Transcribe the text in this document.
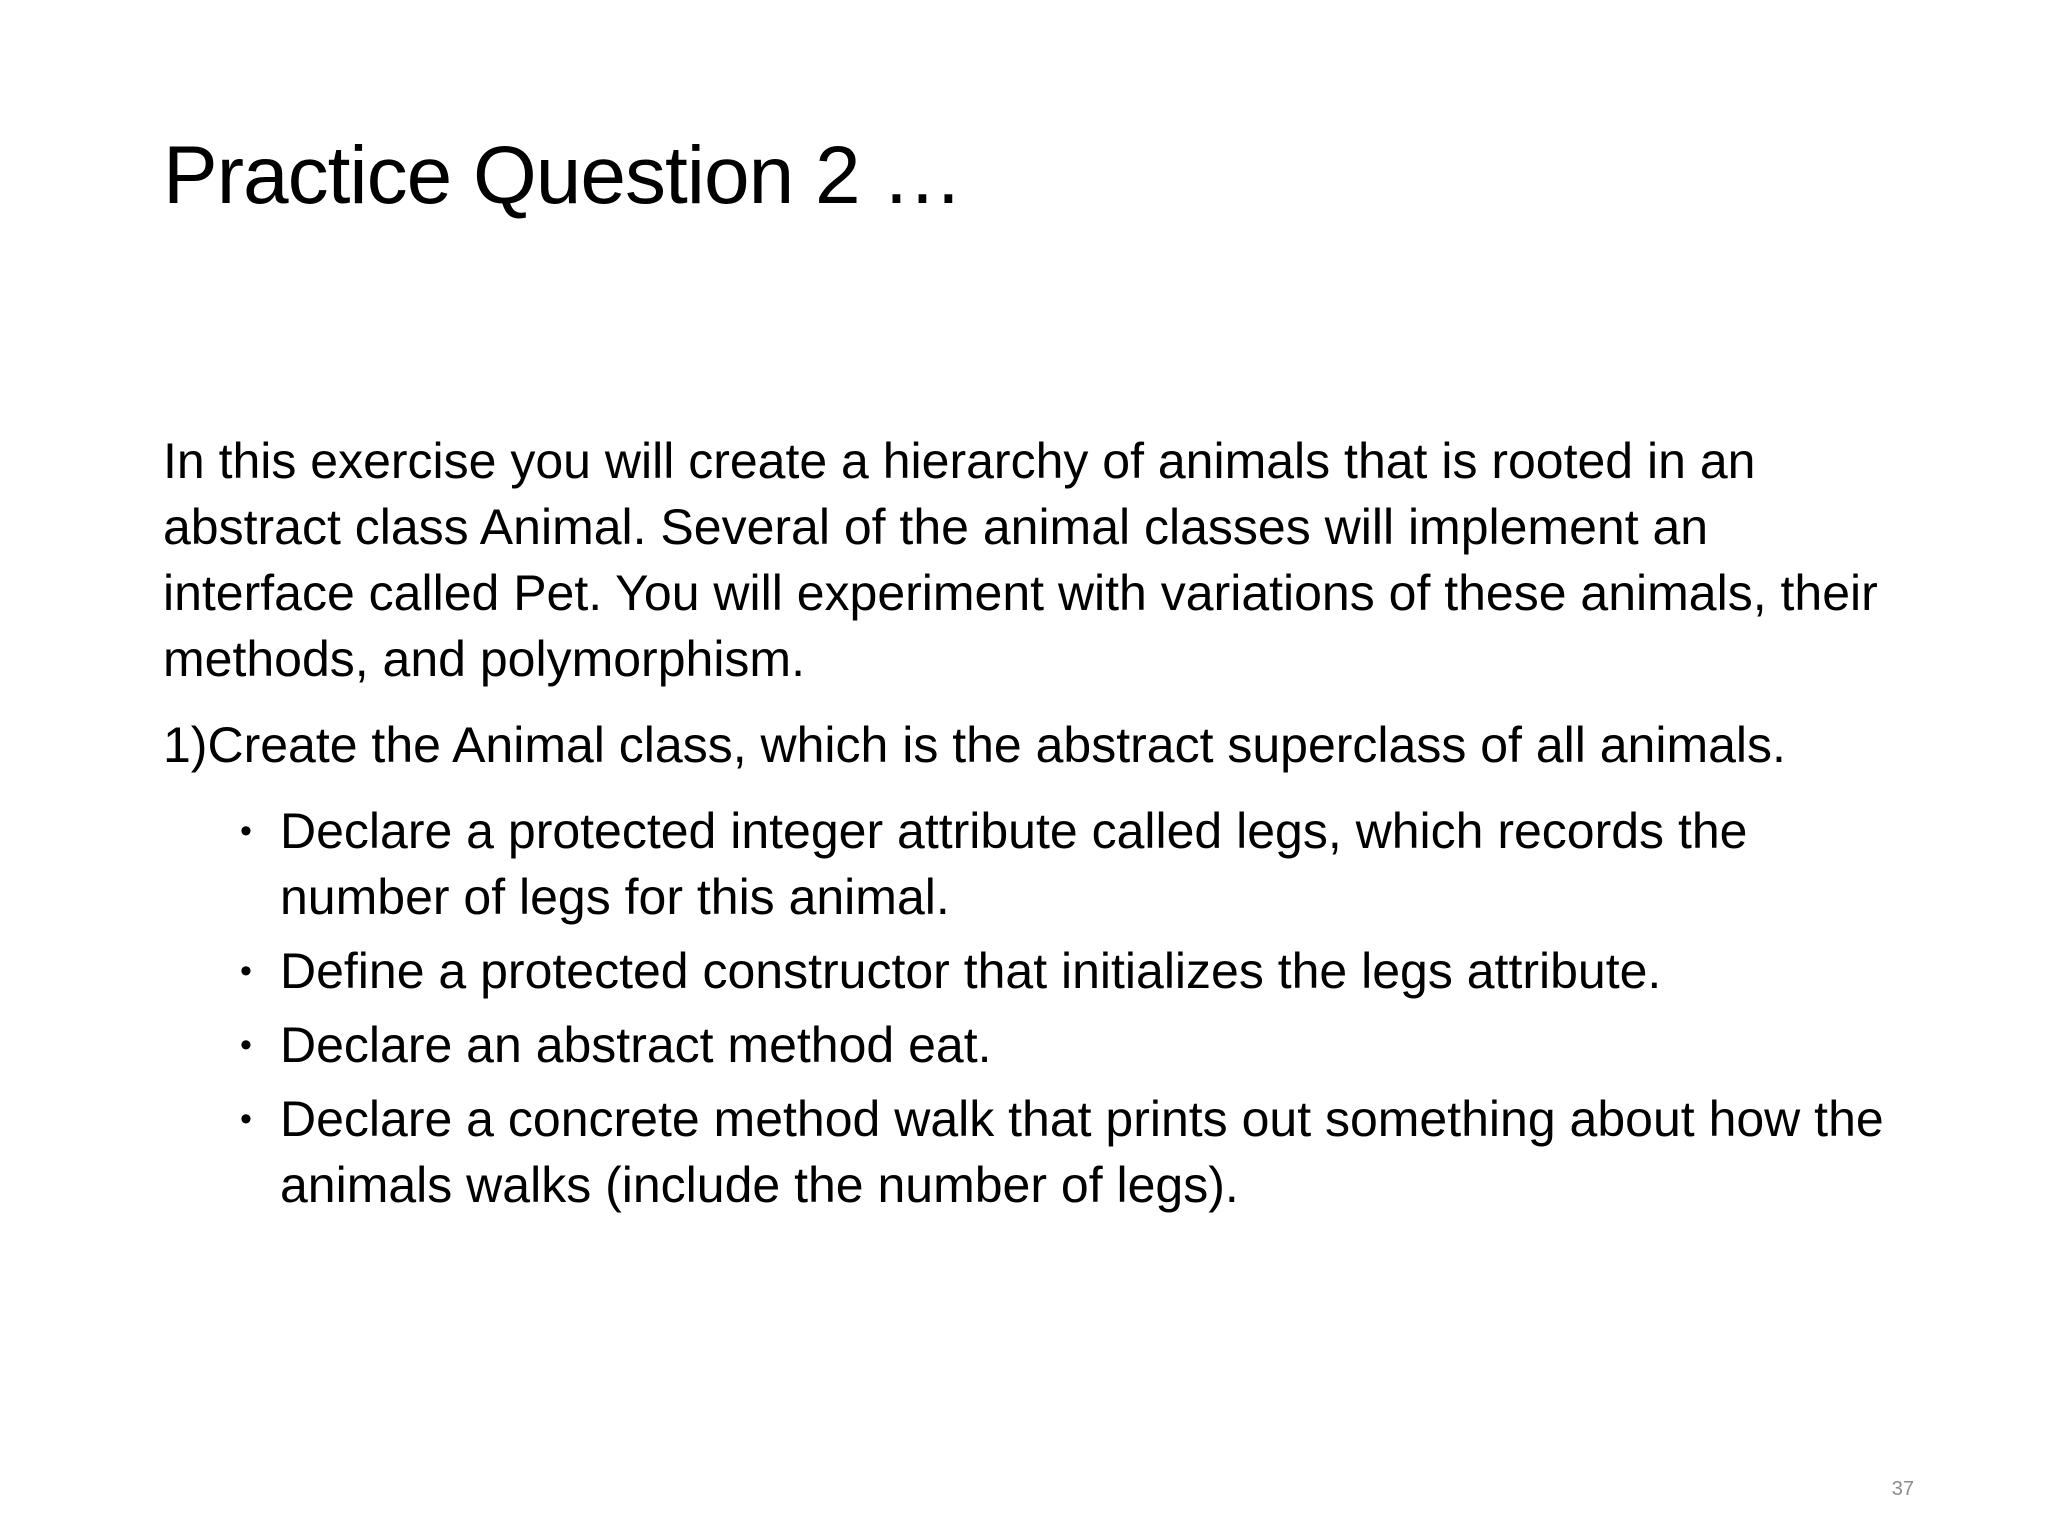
Practice Question 2 …

In this exercise you will create a hierarchy of animals that is rooted in an abstract class Animal. Several of the animal classes will implement an interface called Pet. You will experiment with variations of these animals, their methods, and polymorphism.

1)Create the Animal class, which is the abstract superclass of all animals.

• Declare a protected integer attribute called legs, which records the number of legs for this animal.
• Define a protected constructor that initializes the legs attribute.
• Declare an abstract method eat.
• Declare a concrete method walk that prints out something about how the animals walks (include the number of legs).
37
